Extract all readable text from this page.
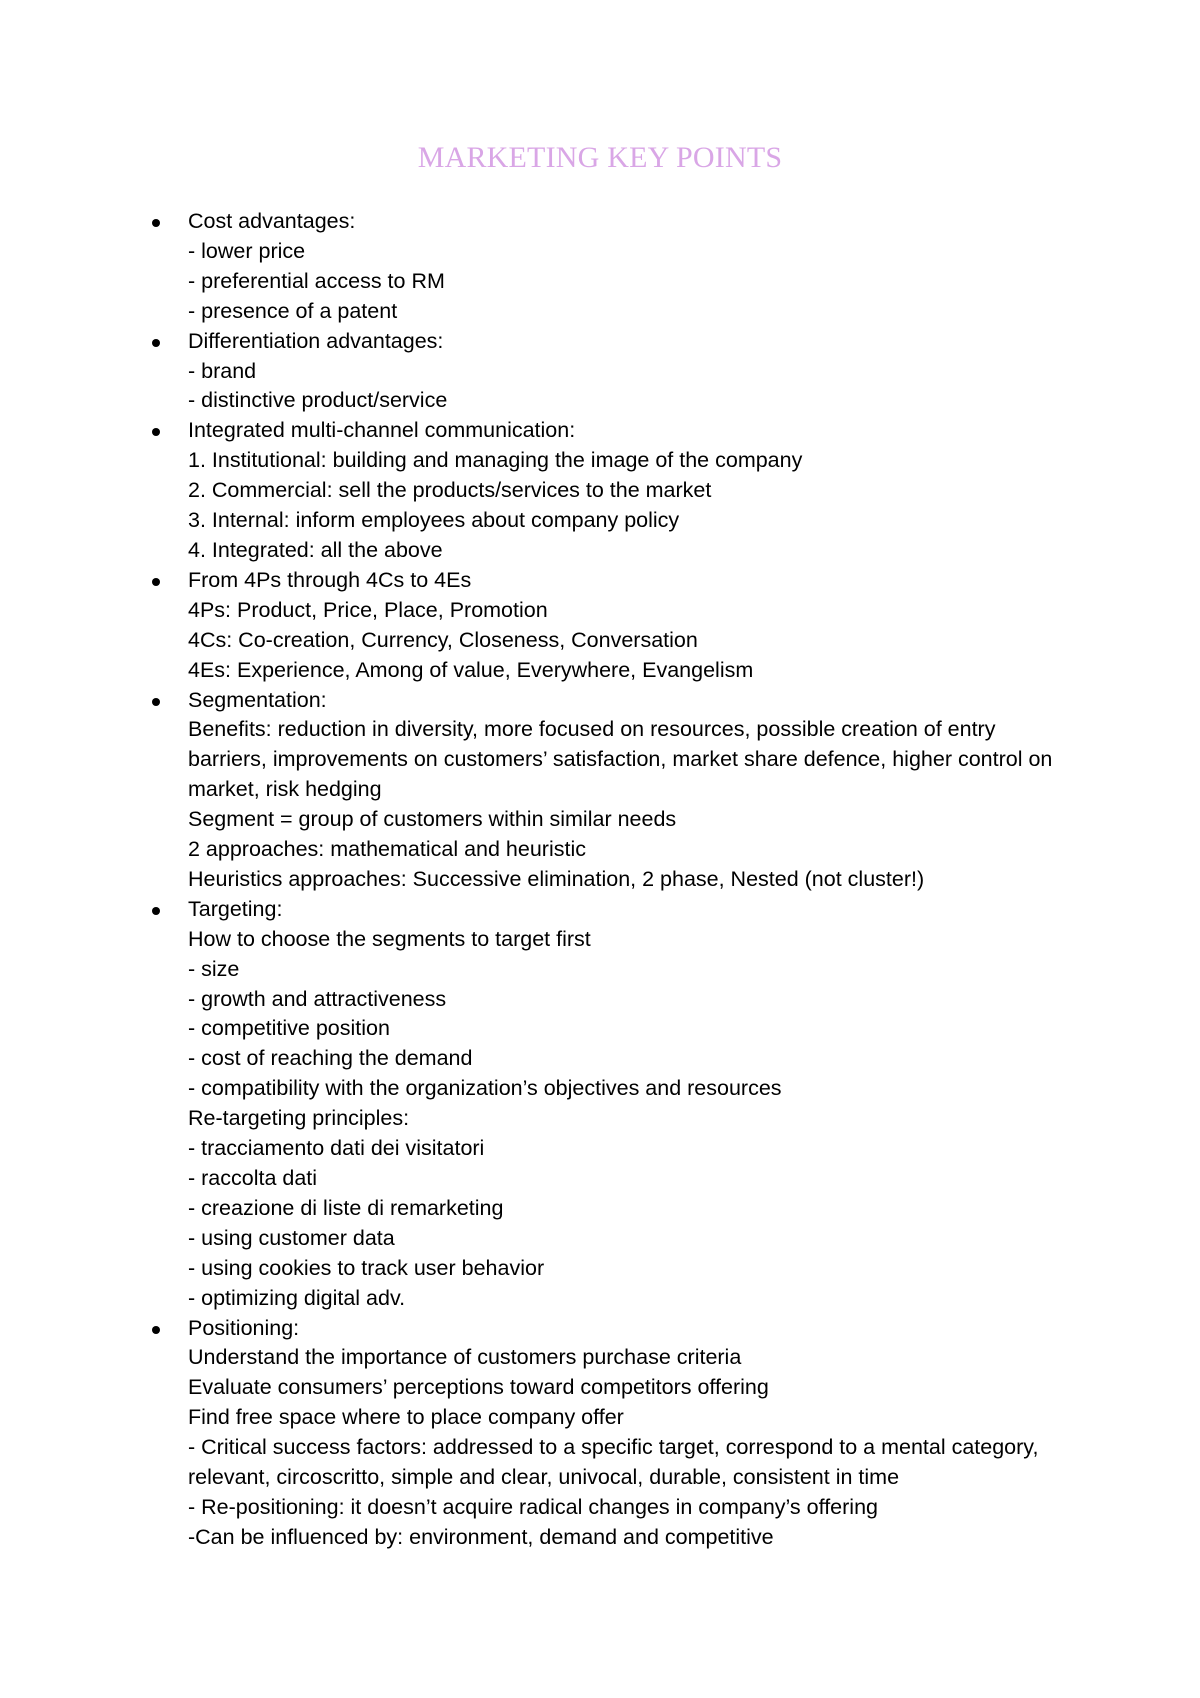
MARKETING KEY POINTS
Cost advantages:
- lower price
- preferential access to RM
- presence of a patent
Differentiation advantages:
- brand
- distinctive product/service
Integrated multi-channel communication:
1. Institutional: building and managing the image of the company
2. Commercial: sell the products/services to the market
3. Internal: inform employees about company policy
4. Integrated: all the above
From 4Ps through 4Cs to 4Es
4Ps: Product, Price, Place, Promotion
4Cs: Co-creation, Currency, Closeness, Conversation
4Es: Experience, Among of value, Everywhere, Evangelism
Segmentation:
Benefits: reduction in diversity, more focused on resources, possible creation of entry barriers, improvements on customers’ satisfaction, market share defence, higher control on market, risk hedging
Segment = group of customers within similar needs
2 approaches: mathematical and heuristic
Heuristics approaches: Successive elimination, 2 phase, Nested (not cluster!)
Targeting:
How to choose the segments to target first
- size
- growth and attractiveness
- competitive position
- cost of reaching the demand
- compatibility with the organization’s objectives and resources
Re-targeting principles:
- tracciamento dati dei visitatori
- raccolta dati
- creazione di liste di remarketing
- using customer data
- using cookies to track user behavior
- optimizing digital adv.
Positioning:
Understand the importance of customers purchase criteria
Evaluate consumers’ perceptions toward competitors offering
Find free space where to place company offer
- Critical success factors: addressed to a specific target, correspond to a mental category, relevant, circoscritto, simple and clear, univocal, durable, consistent in time
- Re-positioning: it doesn’t acquire radical changes in company’s offering
-Can be influenced by: environment, demand and competitive
